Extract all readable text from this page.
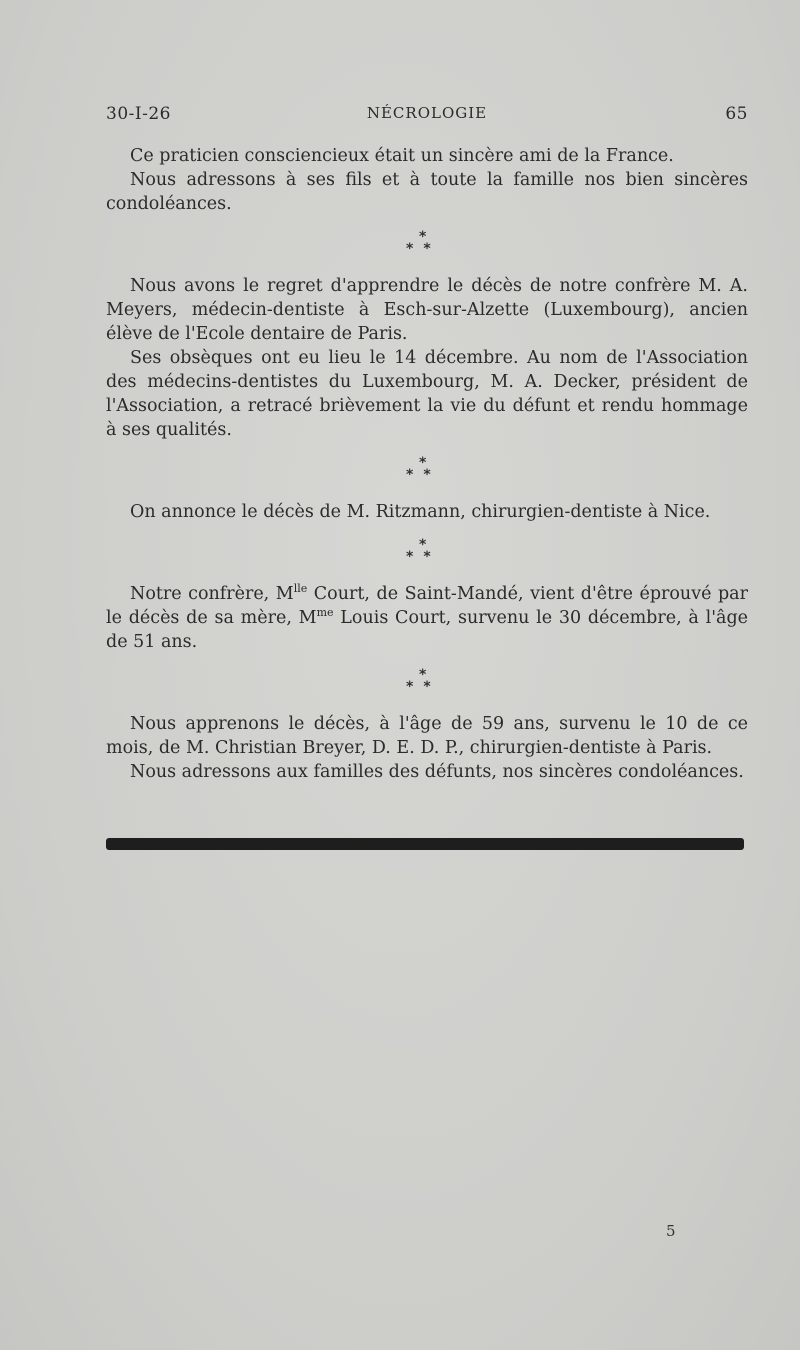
30-I-26	NÉCROLOGIE	65

Ce praticien consciencieux était un sincère ami de la France.

Nous adressons à ses fils et à toute la famille nos bien sincères condoléances.

*
**

Nous avons le regret d'apprendre le décès de notre confrère M. A. Meyers, médecin-dentiste à Esch-sur-Alzette (Luxembourg), ancien élève de l'Ecole dentaire de Paris.

Ses obsèques ont eu lieu le 14 décembre. Au nom de l'Association des médecins-dentistes du Luxembourg, M. A. Decker, président de l'Association, a retracé brièvement la vie du défunt et rendu hommage à ses qualités.

*
**

On annonce le décès de M. Ritzmann, chirurgien-dentiste à Nice.

*
**

Notre confrère, $M^{lle}$ Court, de Saint-Mandé, vient d'être éprouvé par le décès de sa mère, $M^{me}$ Louis Court, survenu le 30 décembre, à l'âge de 51 ans.

*
**

Nous apprenons le décès, à l'âge de 59 ans, survenu le 10 de ce mois, de M. Christian Breyer, D. E. D. P., chirurgien-dentiste à Paris.

Nous adressons aux familles des défunts, nos sincères condoléances.

5
